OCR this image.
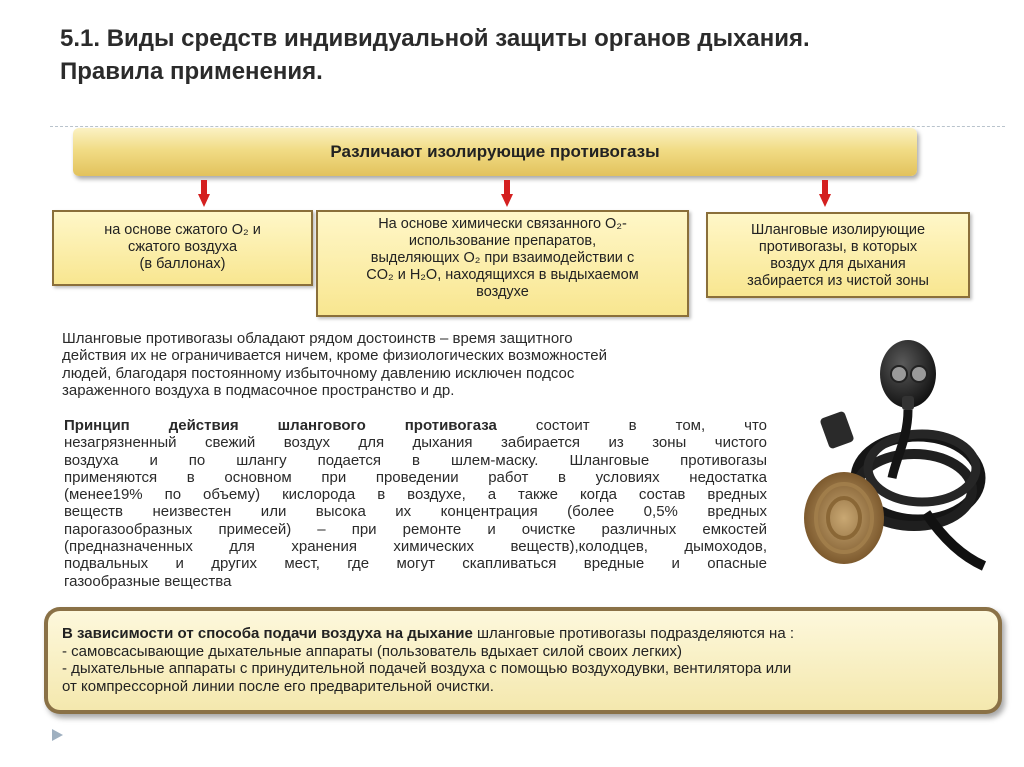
5.1. Виды средств индивидуальной защиты органов дыхания.
Правила применения.
Различают изолирующие противогазы
на основе сжатого O₂ и
сжатого воздуха
(в баллонах)
На основе химически связанного O₂-
использование препаратов,
выделяющих O₂ при взаимодействии с
CO₂ и H₂O, находящихся в выдыхаемом
воздухе
Шланговые изолирующие
противогазы, в которых
воздух для дыхания
забирается из чистой зоны
Шланговые противогазы обладают рядом достоинств – время защитного
действия их не ограничивается ничем, кроме физиологических возможностей
людей, благодаря постоянному избыточному давлению исключен подсос
зараженного воздуха в подмасочное пространство и др.
Принцип действия шлангового противогаза состоит в том, что
незагрязненный свежий воздух для дыхания забирается из зоны чистого
воздуха и по шлангу подается в шлем-маску. Шланговые противогазы
применяются в основном при проведении работ в условиях недостатка
(менее19% по объему) кислорода в воздухе, а также когда состав вредных
веществ неизвестен или высока их концентрация (более 0,5% вредных
парогазообразных примесей) – при ремонте и очистке различных емкостей
(предназначенных для хранения химических веществ),колодцев, дымоходов,
подвальных и других мест, где могут скапливаться вредные и опасные
газообразные вещества
В зависимости от способа подачи воздуха на дыхание шланговые противогазы подразделяются на :
- самовсасывающие дыхательные аппараты (пользователь вдыхает силой своих легких)
- дыхательные аппараты с принудительной подачей воздуха с помощью воздуходувки, вентилятора или
от компрессорной линии после его предварительной очистки.
